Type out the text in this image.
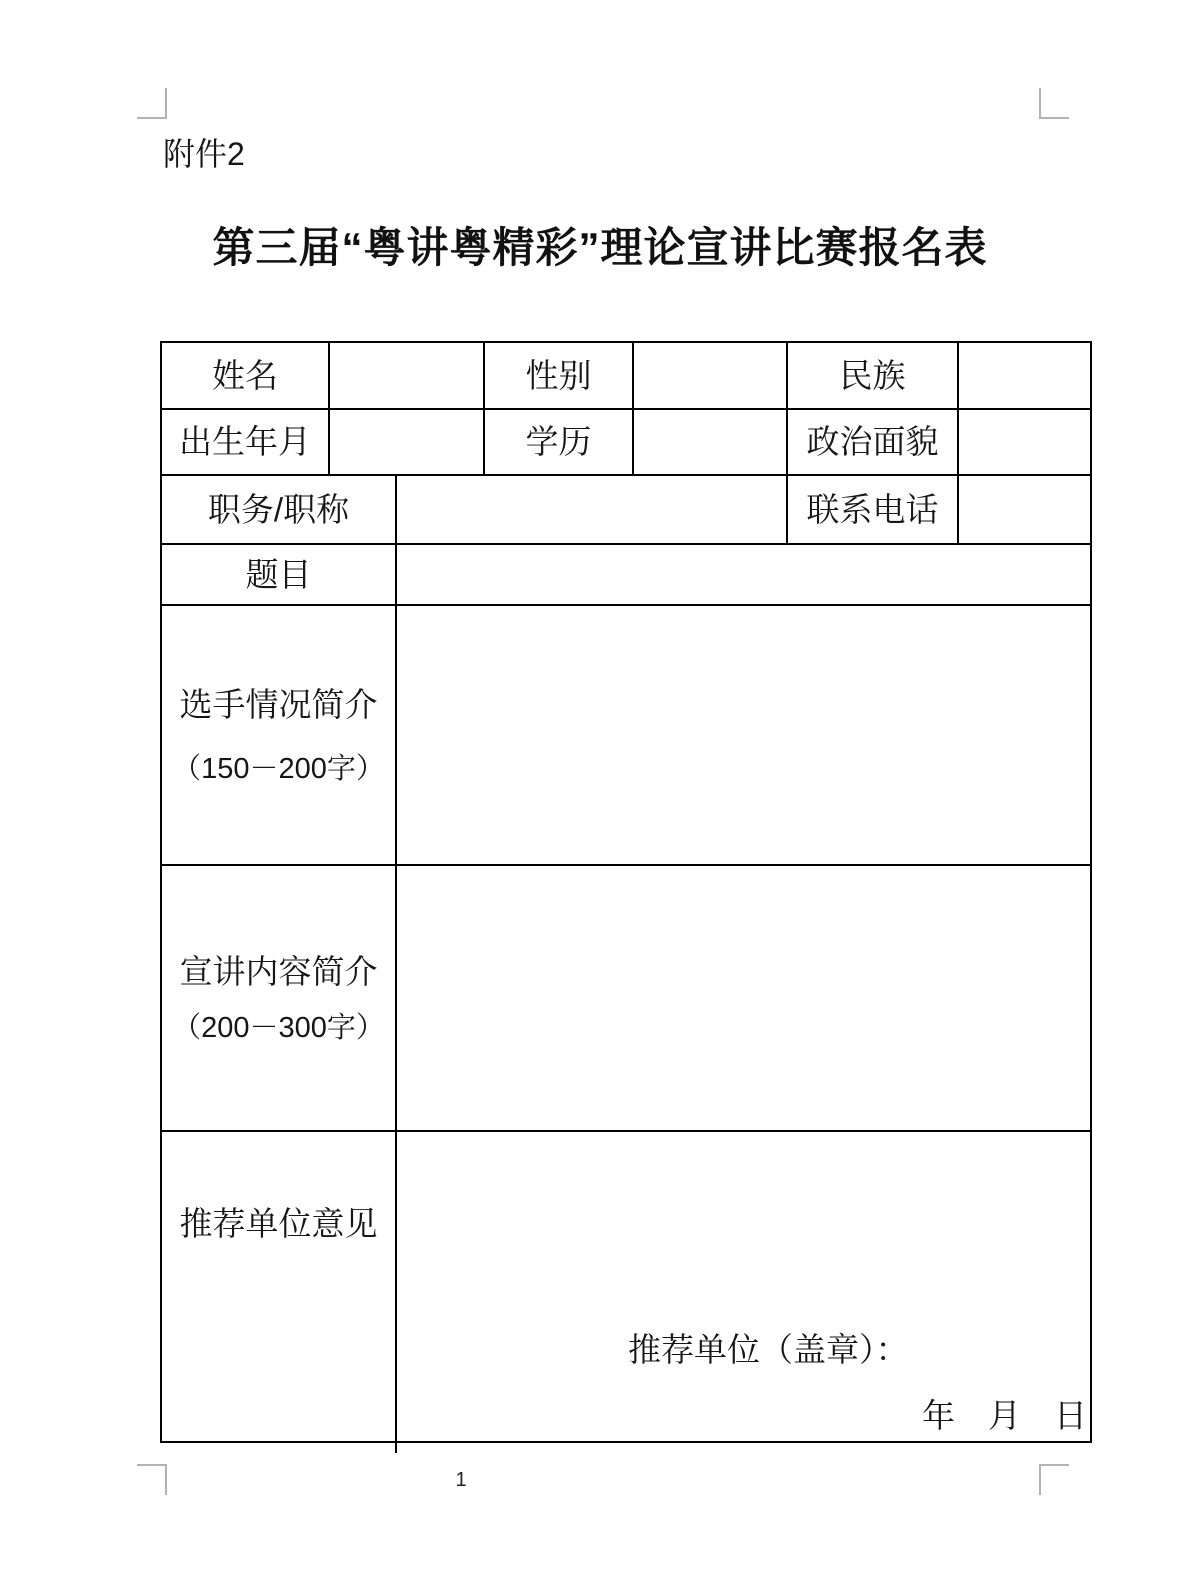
附件2
第三届“粤讲粤精彩”理论宣讲比赛报名表
姓名	性别	民族
出生年月	学历	政治面貌
职务/职称	联系电话
题目
选手情况简介
（150－200字）
宣讲内容简介
（200－300字）
推荐单位意见
推荐单位（盖章）：
年　月　日
1
